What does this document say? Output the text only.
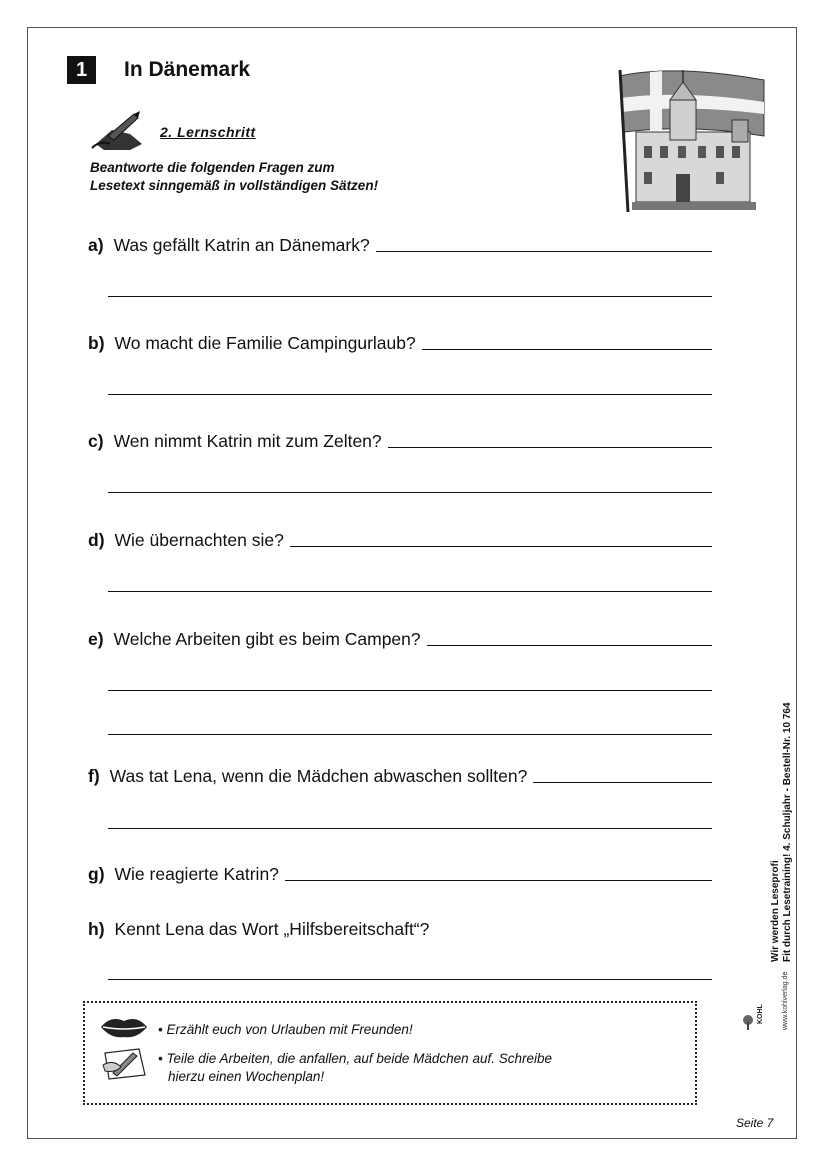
1	In Dänemark
2. Lernschritt
Beantworte die folgenden Fragen zum
Lesetext sinngemäß in vollständigen Sätzen!
a) Was gefällt Katrin an Dänemark?
b) Wo macht die Familie Campingurlaub?
c) Wen nimmt Katrin mit zum Zelten?
d) Wie übernachten sie?
e) Welche Arbeiten gibt es beim Campen?
f) Was tat Lena, wenn die Mädchen abwaschen sollten?
g) Wie reagierte Katrin?
h) Kennt Lena das Wort „Hilfsbereitschaft“?
• Erzählt euch von Urlauben mit Freunden!
• Teile die Arbeiten, die anfallen, auf beide Mädchen auf. Schreibe
hierzu einen Wochenplan!
Wir werden Leseprofi Fit durch Lesetraining! 4. Schuljahr - Bestell-Nr. 10 764
KOHL	www.kohlverlag.de
Seite 7
